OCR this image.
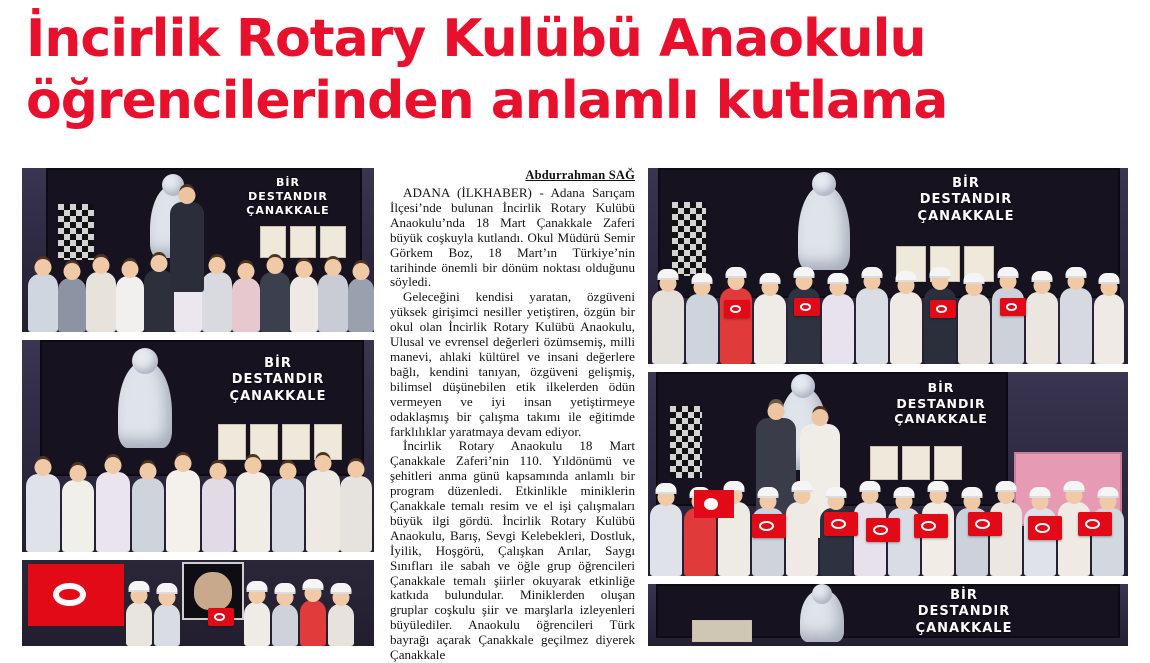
İncirlik Rotary Kulübü Anaokulu
öğrencilerinden anlamlı kutlama
BİR
DESTANDIR
ÇANAKKALE
BİR
DESTANDIR
ÇANAKKALE
Abdurrahman SAĞ

ADANA (İLKHABER) - Adana Sarıçam İlçesi’nde bulunan İncirlik Rotary Kulübü Anaokulu’nda 18 Mart Çanakkale Zaferi büyük coşkuyla kutlandı. Okul Müdürü Semir Görkem Boz, 18 Mart’ın Türkiye’nin tarihinde önemli bir dönüm noktası olduğunu söyledi.

Geleceğini kendisi yaratan, özgüveni yüksek girişimci nesiller yetiştiren, özgün bir okul olan İncirlik Rotary Kulübü Anaokulu, Ulusal ve evrensel değerleri özümsemiş, milli manevi, ahlaki kültürel ve insani değerlere bağlı, kendini tanıyan, özgüveni gelişmiş, bilimsel düşünebilen etik ilkelerden ödün vermeyen ve iyi insan yetiştirmeye odaklaşmış bir çalışma takımı ile eğitimde farklılıklar yaratmaya devam ediyor.

İncirlik Rotary Anaokulu 18 Mart Çanakkale Zaferi’nin 110. Yıldönümü ve şehitleri anma günü kapsamında anlamlı bir program düzenledi. Etkinlikle miniklerin Çanakkale temalı resim ve el işi çalışmaları büyük ilgi gördü. İncirlik Rotary Kulübü Anaokulu, Barış, Sevgi Kelebekleri, Dostluk, İyilik, Hoşgörü, Çalışkan Arılar, Saygı Sınıfları ile sabah ve öğle grup öğrencileri Çanakkale temalı şiirler okuyarak etkinliğe katkıda bulundular. Miniklerden oluşan gruplar coşkulu şiir ve marşlarla izleyenleri büyülediler. Anaokulu öğrencileri Türk bayrağı açarak Çanakkale geçilmez diyerek Çanakkale

BİR
DESTANDIR
ÇANAKKALE
BİR
DESTANDIR
ÇANAKKALE
BİR
DESTANDIR
ÇANAKKALE
